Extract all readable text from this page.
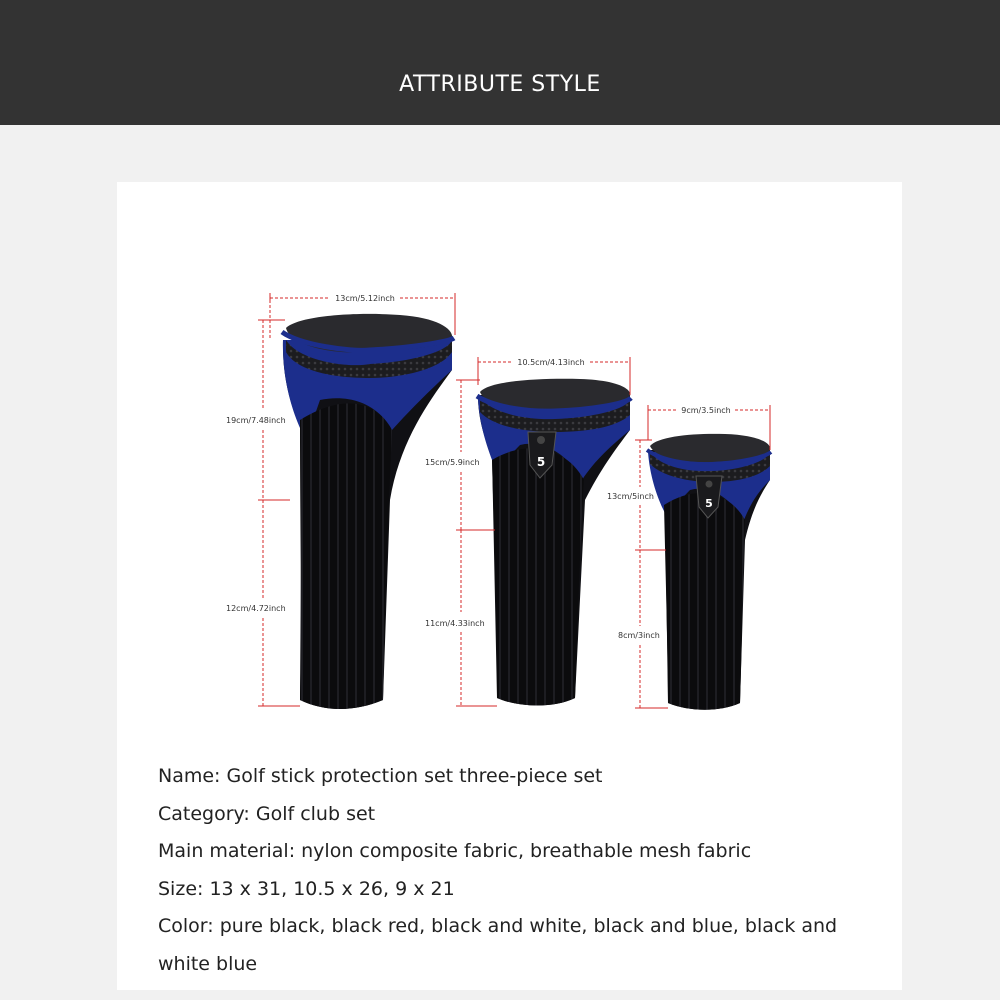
ATTRIBUTE STYLE
5
5
13cm/5.12inch
19cm/7.48inch
12cm/4.72inch
10.5cm/4.13inch
15cm/5.9inch
11cm/4.33inch
9cm/3.5inch
13cm/5inch
8cm/3inch
Name: Golf stick protection set three-piece set
Category: Golf club set
Main material: nylon composite fabric, breathable mesh fabric
Size: 13 x 31, 10.5 x 26, 9 x 21
Color: pure black, black red, black and white, black and blue, black and white blue
